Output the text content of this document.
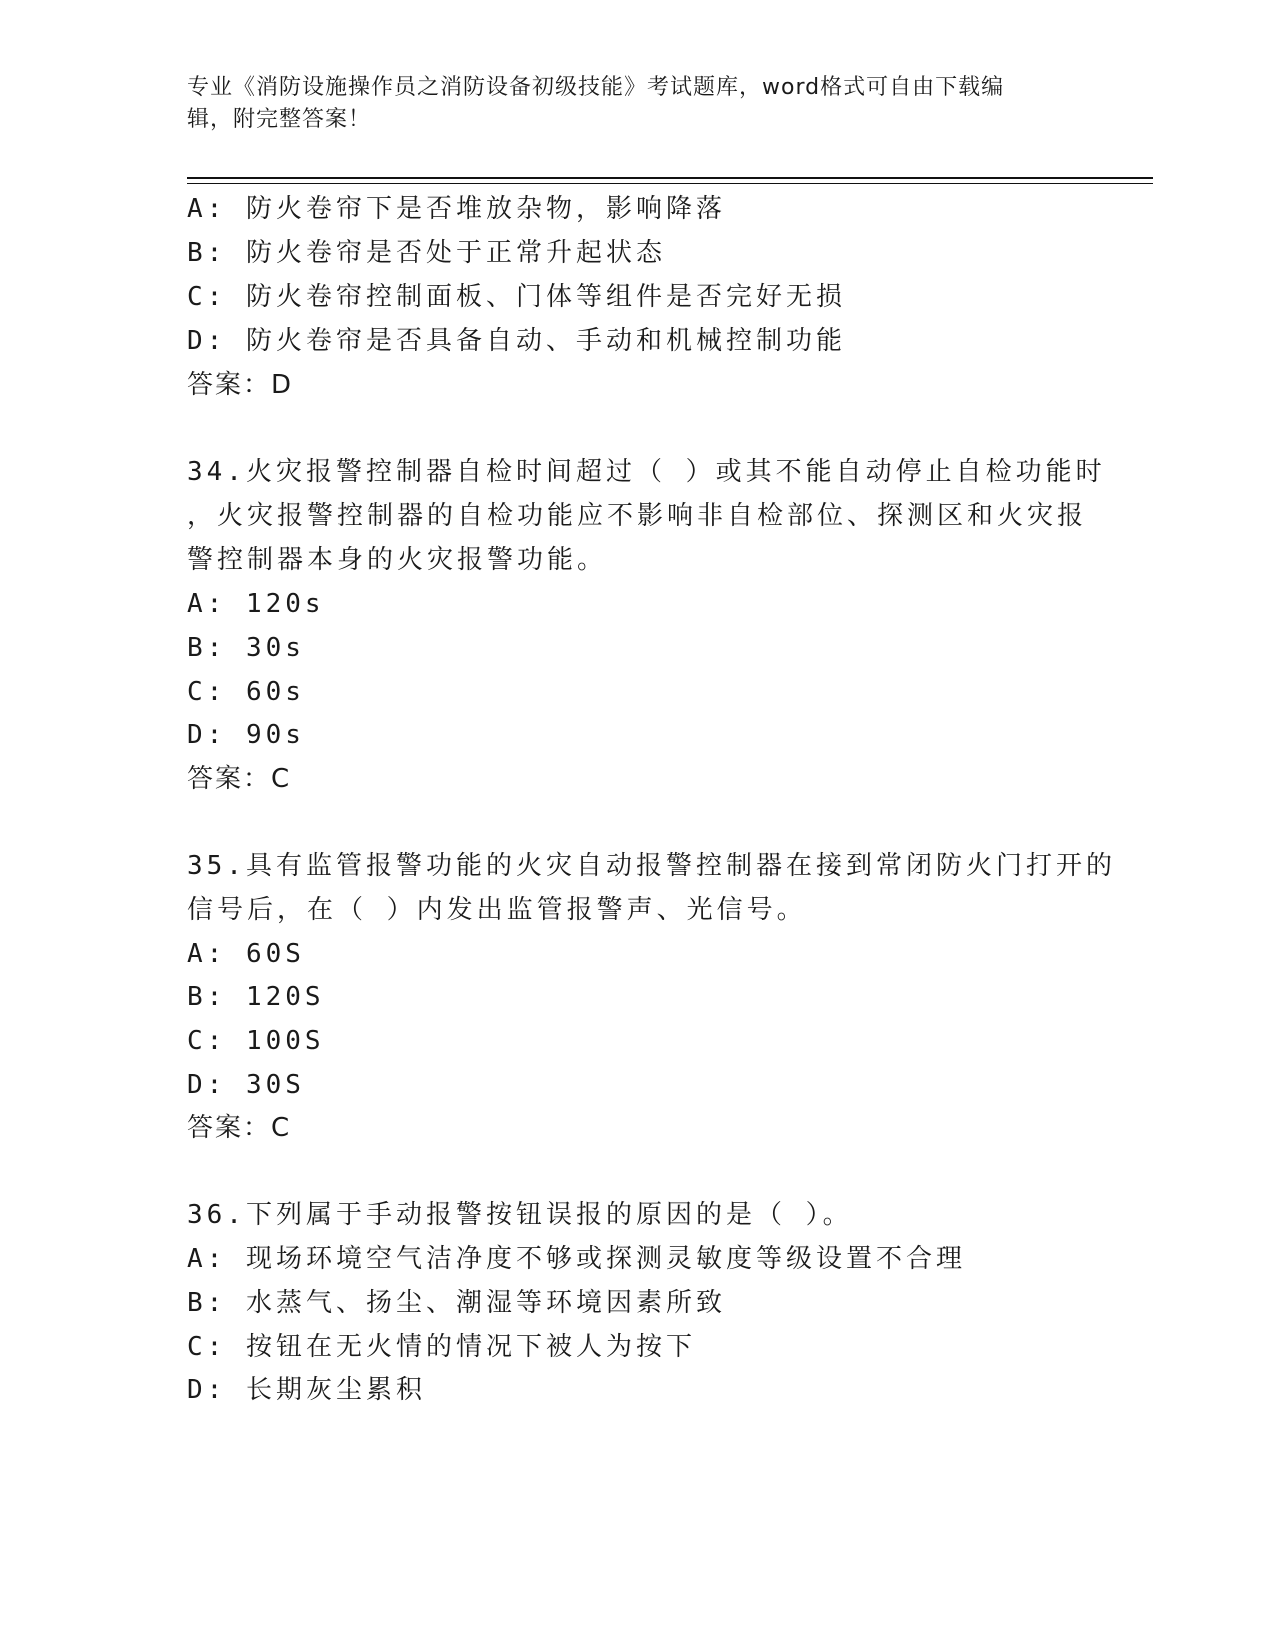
专业《消防设施操作员之消防设备初级技能》考试题库，word格式可自由下载编
辑，附完整答案！
A: 防火卷帘下是否堆放杂物，影响降落
B: 防火卷帘是否处于正常升起状态
C: 防火卷帘控制面板、门体等组件是否完好无损
D: 防火卷帘是否具备自动、手动和机械控制功能
答案：D
34.火灾报警控制器自检时间超过（ ）或其不能自动停止自检功能时
，火灾报警控制器的自检功能应不影响非自检部位、探测区和火灾报
警控制器本身的火灾报警功能。
A: 120s
B: 30s
C: 60s
D: 90s
答案：C
35.具有监管报警功能的火灾自动报警控制器在接到常闭防火门打开的
信号后，在（ ）内发出监管报警声、光信号。
A: 60S
B: 120S
C: 100S
D: 30S
答案：C
36.下列属于手动报警按钮误报的原因的是（ ）。
A: 现场环境空气洁净度不够或探测灵敏度等级设置不合理
B: 水蒸气、扬尘、潮湿等环境因素所致
C: 按钮在无火情的情况下被人为按下
D: 长期灰尘累积
